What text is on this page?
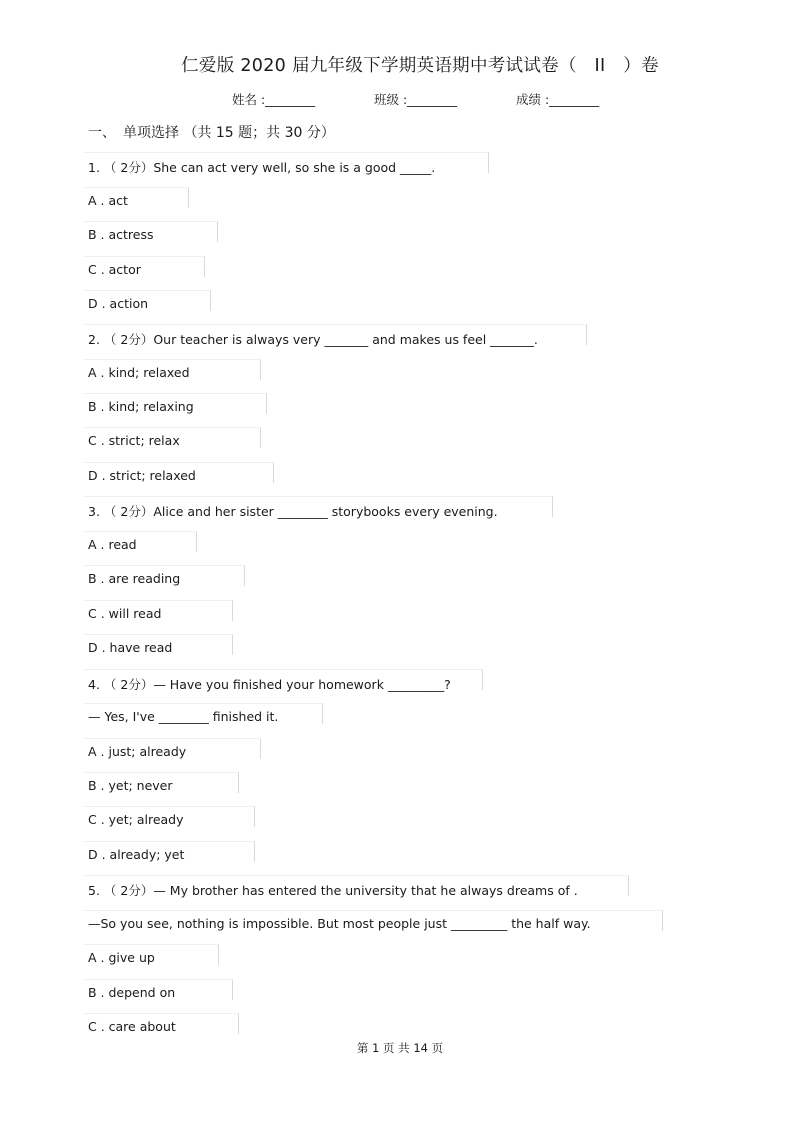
仁爱版 2020 届九年级下学期英语期中考试试卷（　II　）卷
姓名 :________	班级 :________	成绩 :________
一、　单项选择 （共 15 题；共 30 分）
1. （ 2分）She can act very well, so she is a good _____.
A . act
B . actress
C . actor
D . action
2. （ 2分）Our teacher is always very _______ and makes us feel _______.
A . kind; relaxed
B . kind; relaxing
C . strict; relax
D . strict; relaxed
3. （ 2分）Alice and her sister ________ storybooks every evening.
A . read
B . are reading
C . will read
D . have read
4. （ 2分）— Have you finished your homework _________?
— Yes, I've ________ finished it.
A . just; already
B . yet; never
C . yet; already
D . already; yet
5. （ 2分）— My brother has entered the university that he always dreams of .
—So you see, nothing is impossible. But most people just _________ the half way.
A . give up
B . depend on
C . care about
第 1 页 共 14 页
